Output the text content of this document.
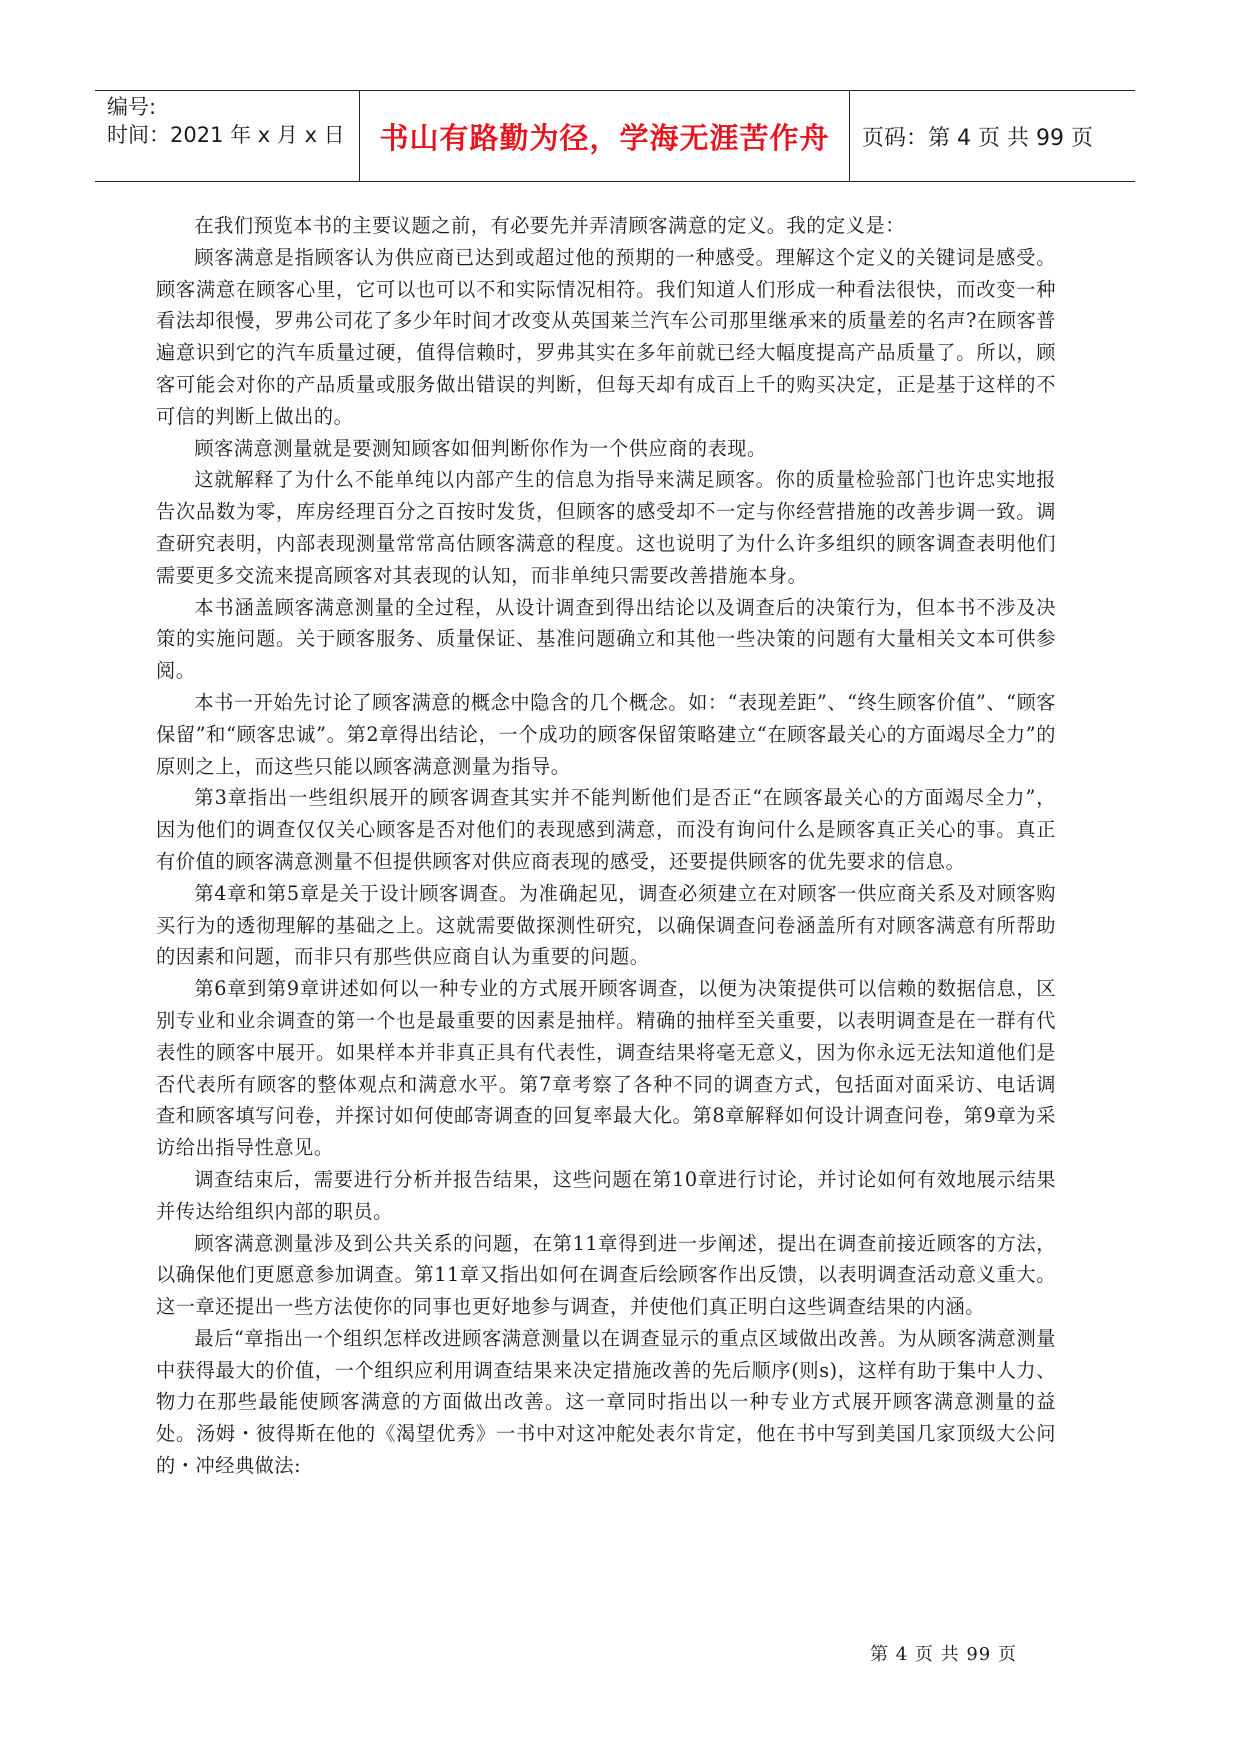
编号:
时间：2021 年 x 月 x 日	书山有路勤为径，学海无涯苦作舟	页码：第 4 页 共 99 页

在我们预览本书的主要议题之前，有必要先并弄清顾客满意的定义。我的定义是：

顾客满意是指顾客认为供应商已达到或超过他的预期的一种感受。理解这个定义的关键词是感受。顾客满意在顾客心里，它可以也可以不和实际情况相符。我们知道人们形成一种看法很快，而改变一种看法却很慢，罗弗公司花了多少年时间才改变从英国莱兰汽车公司那里继承来的质量差的名声?在顾客普遍意识到它的汽车质量过硬，值得信赖时，罗弗其实在多年前就已经大幅度提高产品质量了。所以，顾客可能会对你的产品质量或服务做出错误的判断，但每天却有成百上千的购买决定，正是基于这样的不可信的判断上做出的。

顾客满意测量就是要测知顾客如佃判断你作为一个供应商的表现。

这就解释了为什么不能单纯以内部产生的信息为指导来满足顾客。你的质量检验部门也许忠实地报告次品数为零，库房经理百分之百按时发货，但顾客的感受却不一定与你经营措施的改善步调一致。调查研究表明，内部表现测量常常高估顾客满意的程度。这也说明了为什么许多组织的顾客调查表明他们需要更多交流来提高顾客对其表现的认知，而非单纯只需要改善措施本身。

本书涵盖顾客满意测量的全过程，从设计调查到得出结论以及调查后的决策行为，但本书不涉及决策的实施问题。关于顾客服务、质量保证、基准问题确立和其他一些决策的问题有大量相关文本可供参阅。

本书一开始先讨论了顾客满意的概念中隐含的几个概念。如：“表现差距”、“终生顾客价值”、“顾客保留”和“顾客忠诚”。第2章得出结论，一个成功的顾客保留策略建立“在顾客最关心的方面竭尽全力”的原则之上，而这些只能以顾客满意测量为指导。

第3章指出一些组织展开的顾客调查其实并不能判断他们是否正“在顾客最关心的方面竭尽全力”，因为他们的调查仅仅关心顾客是否对他们的表现感到满意，而没有询问什么是顾客真正关心的事。真正有价值的顾客满意测量不但提供顾客对供应商表现的感受，还要提供顾客的优先要求的信息。

第4章和第5章是关于设计顾客调查。为准确起见，调查必须建立在对顾客一供应商关系及对顾客购买行为的透彻理解的基础之上。这就需要做探测性研究，以确保调查问卷涵盖所有对顾客满意有所帮助的因素和问题，而非只有那些供应商自认为重要的问题。

第6章到第9章讲述如何以一种专业的方式展开顾客调查，以便为决策提供可以信赖的数据信息，区别专业和业余调查的第一个也是最重要的因素是抽样。精确的抽样至关重要，以表明调查是在一群有代表性的顾客中展开。如果样本并非真正具有代表性，调查结果将毫无意义，因为你永远无法知道他们是否代表所有顾客的整体观点和满意水平。第7章考察了各种不同的调查方式，包括面对面采访、电话调查和顾客填写问卷，并探讨如何使邮寄调查的回复率最大化。第8章解释如何设计调查问卷，第9章为采访给出指导性意见。

调查结束后，需要进行分析并报告结果，这些问题在第10章进行讨论，并讨论如何有效地展示结果并传达给组织内部的职员。

顾客满意测量涉及到公共关系的问题，在第11章得到进一步阐述，提出在调查前接近顾客的方法，以确保他们更愿意参加调查。第11章又指出如何在调查后绘顾客作出反馈，以表明调查活动意义重大。这一章还提出一些方法使你的同事也更好地参与调查，并使他们真正明白这些调查结果的内涵。

最后“章指出一个组织怎样改进顾客满意测量以在调查显示的重点区域做出改善。为从顾客满意测量中获得最大的价值，一个组织应利用调查结果来决定措施改善的先后顺序(则s)，这样有助于集中人力、物力在那些最能使顾客满意的方面做出改善。这一章同时指出以一种专业方式展开顾客满意测量的益处。汤姆・彼得斯在他的《渴望优秀》一书中对这冲舵处表尔肯定，他在书中写到美国几家顶级大公问的・冲经典做法:

第 4 页 共 99 页
